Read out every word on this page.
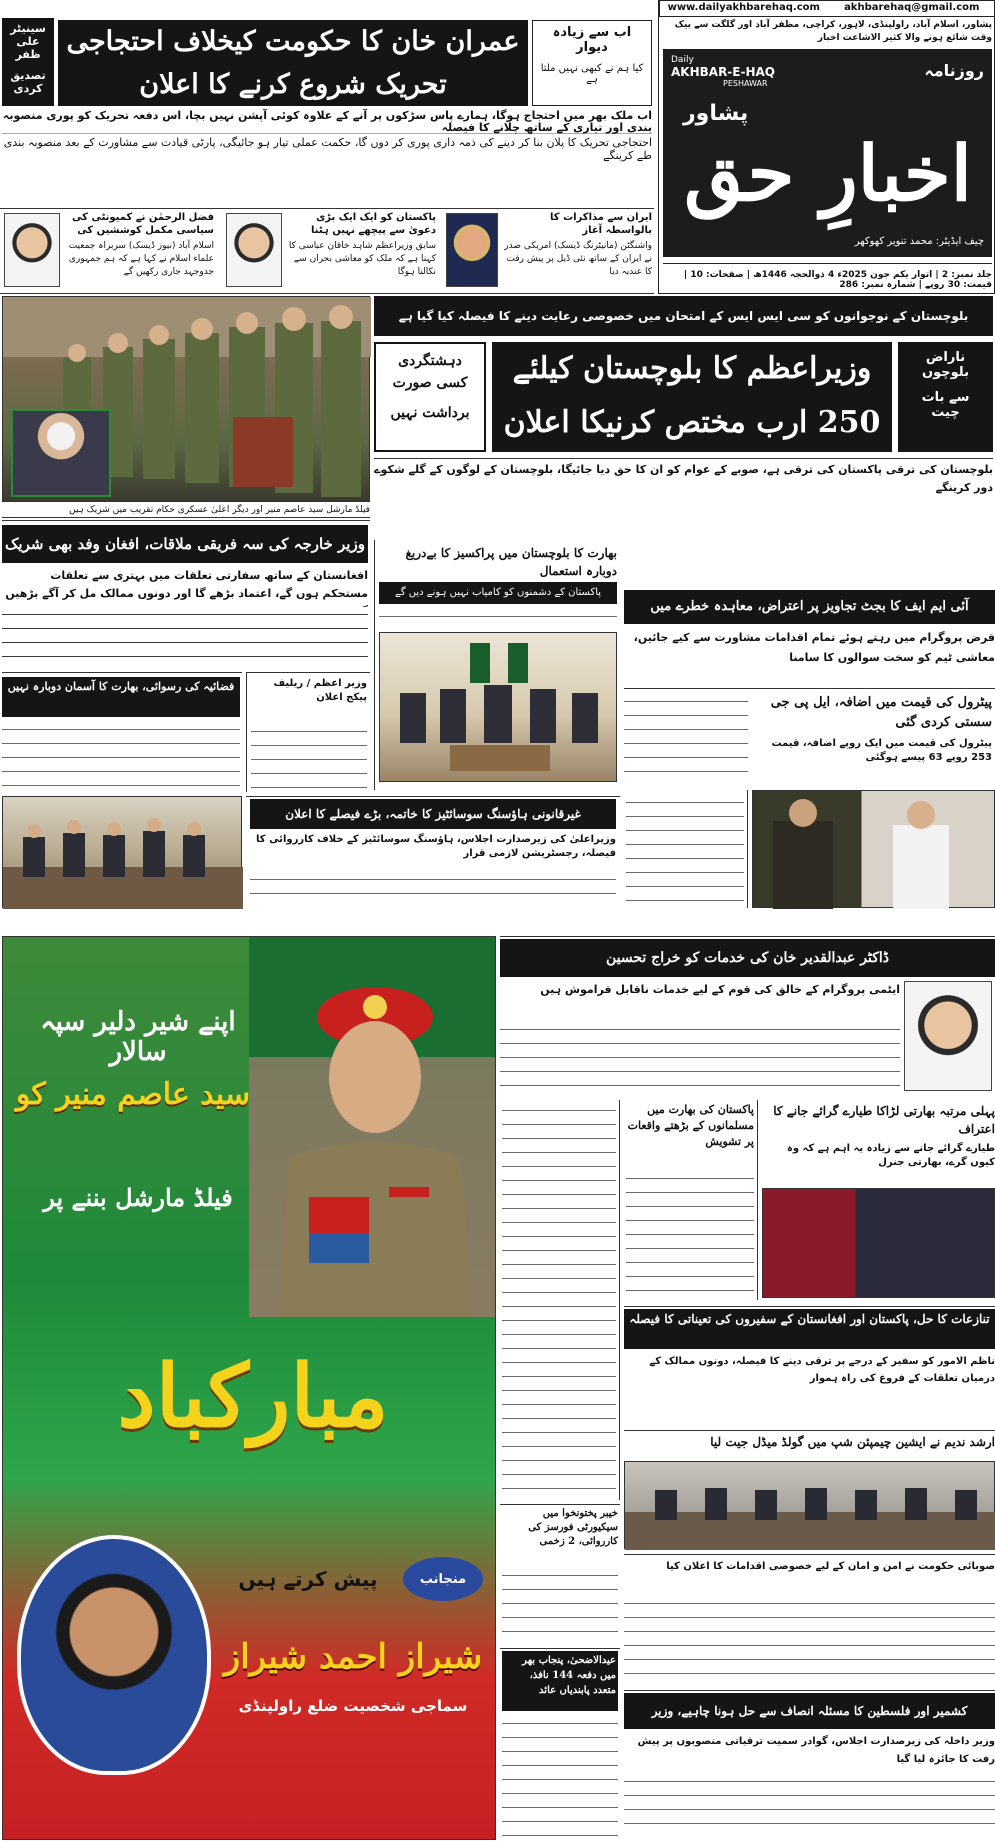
www.dailyakhbarehaq.com	akhbarehaq@gmail.com
پشاور، اسلام آباد، راولپنڈی، لاہور، کراچی، مظفر آباد اور گلگت سے بیک وقت شائع ہونے والا کثیر الاشاعت اخبار
Daily
AKHBAR-E-HAQ
PESHAWAR
روزنامہ
پشاور
اخبارِ حق
چیف ایڈیٹر: محمد تنویر کھوکھر
جلد نمبر: 2 | اتوار یکم جون 2025ء 4 ذوالحجہ 1446ھ | صفحات: 10 | قیمت: 30 روپے | شمارہ نمبر: 286
سینیٹر علی ظفر
تصدیق کردی
عمران خان کا حکومت کیخلاف احتجاجی تحریک شروع کرنے کا اعلان
اب سے زیادہ دیوار
کیا ہم نے کبھی نہیں ملتا ہے
اب ملک بھر میں احتجاج ہوگا، ہمارے پاس سڑکوں پر آنے کے علاوہ کوئی آپشن نہیں بچا، اس دفعہ تحریک کو پوری منصوبہ بندی اور تیاری کے ساتھ چلانے کا فیصلہ
احتجاجی تحریک کا پلان بنا کر دینے کی ذمہ داری پوری کر دوں گا، حکمت عملی تیار ہو جائیگی، پارٹی قیادت سے مشاورت کے بعد منصوبہ بندی طے کرینگے
فضل الرحمٰن نے کمیونٹی کی سیاسی مکمل کوششیں کی
اسلام آباد (نیوز ڈیسک) سربراہ جمعیت علماء اسلام نے کہا ہے کہ ہم جمہوری جدوجہد جاری رکھیں گے
پاکستان کو ایک ایک بڑی دعویٰ سے پیچھے نہیں ہٹنا
سابق وزیراعظم شاہد خاقان عباسی کا کہنا ہے کہ ملک کو معاشی بحران سے نکالنا ہوگا
ایران سے مذاکرات کا بالواسطہ آغاز
واشنگٹن (مانیٹرنگ ڈیسک) امریکی صدر نے ایران کے ساتھ نئی ڈیل پر پیش رفت کا عندیہ دیا
فیلڈ مارشل سید عاصم منیر اور دیگر اعلیٰ عسکری حکام تقریب میں شریک ہیں
بلوچستان کے نوجوانوں کو سی ایس ایس کے امتحان میں خصوصی رعایت دینے کا فیصلہ کیا گیا ہے
دہشتگردی کسی صورت
برداشت نہیں
وزیراعظم کا بلوچستان کیلئے 250 ارب مختص کرنیکا اعلان
ناراض بلوچوں
سے بات چیت
بلوچستان کی ترقی پاکستان کی ترقی ہے، صوبے کے عوام کو ان کا حق دیا جائیگا، بلوچستان کے لوگوں کے گلے شکوے دور کرینگے
وزیر خارجہ کی سہ فریقی ملاقات، افغان وفد بھی شریک
افغانستان کے ساتھ سفارتی تعلقات میں بہتری سے تعلقات مستحکم ہوں گے، اعتماد بڑھے گا اور دونوں ممالک مل کر آگے بڑھیں
فضائیہ کی رسوائی، بھارت کا آسمان دوبارہ نہیں	وزیر اعظم / ریلیف پیکج اعلان
غیرقانونی ہاؤسنگ سوسائٹیز کا خاتمہ، بڑے فیصلے کا اعلان
وزیراعلیٰ کی زیرصدارت اجلاس، ہاؤسنگ سوسائٹیز کے خلاف کارروائی کا فیصلہ، رجسٹریشن لازمی قرار
بھارت کا بلوچستان میں پراکسیز کا بےدریغ دوبارہ استعمال
پاکستان کے دشمنوں کو کامیاب نہیں ہونے دیں گے
آئی ایم ایف کا بجٹ تجاویز پر اعتراض، معاہدہ خطرے میں
قرض پروگرام میں رہتے ہوئے تمام اقدامات مشاورت سے کیے جائیں، معاشی ٹیم کو سخت سوالوں کا سامنا
پیٹرول کی قیمت میں اضافہ، ایل پی جی سستی کردی گئی
پیٹرول کی قیمت میں ایک روپے اضافہ، قیمت 253 روپے 63 پیسے ہوگئی
اپنے شیر دلیر سپہ سالار
سید عاصم منیر کو
فیلڈ مارشل بننے پر
مبارکباد
پیش کرتے ہیں	منجانب
شیراز احمد شیراز
سماجی شخصیت ضلع راولپنڈی
ڈاکٹر عبدالقدیر خان کی خدمات کو خراج تحسین
ایٹمی پروگرام کے خالق کی قوم کے لیے خدمات ناقابل فراموش ہیں
پاکستان کی بھارت میں مسلمانوں کے بڑھتے واقعات پر تشویش
پہلی مرتبہ بھارتی لڑاکا طیارے گرائے جانے کا اعتراف
طیارے گرائے جانے سے زیادہ یہ اہم ہے کہ وہ کیوں گرے، بھارتی جنرل
تنازعات کا حل، پاکستان اور افغانستان کے سفیروں کی تعیناتی کا فیصلہ
ناظم الامور کو سفیر کے درجے پر ترقی دینے کا فیصلہ، دونوں ممالک کے درمیان تعلقات کے فروغ کی راہ ہموار
ارشد ندیم نے ایشین چیمپئن شپ میں گولڈ میڈل جیت لیا
خیبر پختونخوا میں سیکیورٹی فورسز کی کارروائی، 2 زخمی
عیدالاضحیٰ، پنجاب بھر میں دفعہ 144 نافذ، متعدد پابندیاں عائد
کشمیر اور فلسطین کا مسئلہ انصاف سے حل ہونا چاہیے، وزیر
وزیر داخلہ کی زیرصدارت اجلاس، گوادر سمیت ترقیاتی منصوبوں پر پیش رفت کا جائزہ لیا گیا
صوبائی حکومت نے امن و امان کے لیے خصوصی اقدامات کا اعلان کیا
